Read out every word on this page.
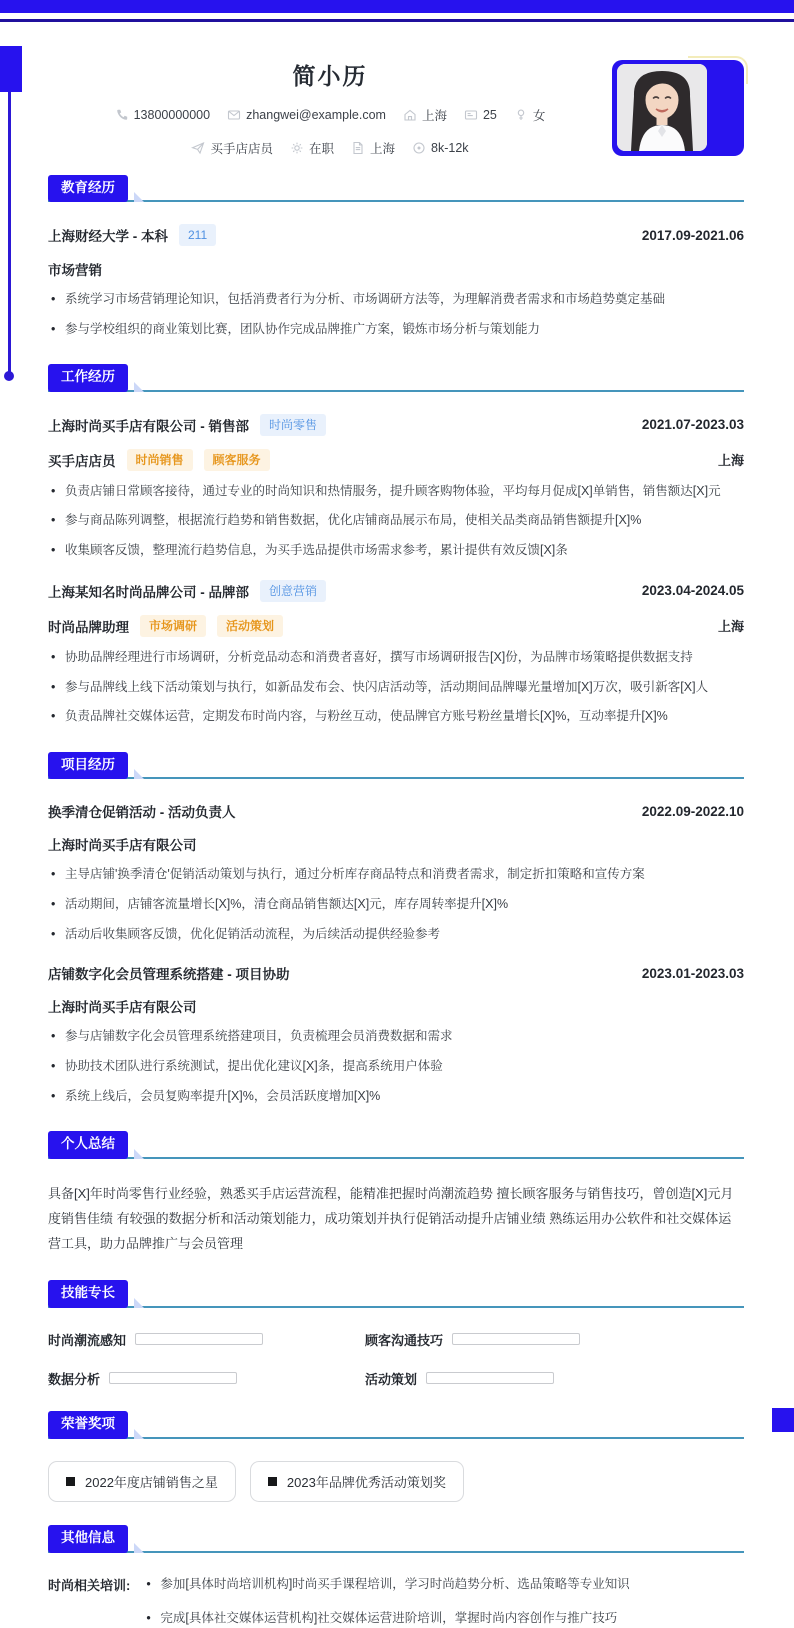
简小历
13800000000	zhangwei@example.com	上海	25	女
买手店店员	在职	上海	8k-12k
教育经历
上海财经大学 - 本科	211	2017.09-2021.06
市场营销
• 系统学习市场营销理论知识，包括消费者行为分析、市场调研方法等，为理解消费者需求和市场趋势奠定基础
• 参与学校组织的商业策划比赛，团队协作完成品牌推广方案，锻炼市场分析与策划能力
工作经历
上海时尚买手店有限公司 - 销售部	时尚零售	2021.07-2023.03
买手店店员	时尚销售	顾客服务	上海
• 负责店铺日常顾客接待，通过专业的时尚知识和热情服务，提升顾客购物体验，平均每月促成[X]单销售，销售额达[X]元
• 参与商品陈列调整，根据流行趋势和销售数据，优化店铺商品展示布局，使相关品类商品销售额提升[X]%
• 收集顾客反馈，整理流行趋势信息，为买手选品提供市场需求参考，累计提供有效反馈[X]条
上海某知名时尚品牌公司 - 品牌部	创意营销	2023.04-2024.05
时尚品牌助理	市场调研	活动策划	上海
• 协助品牌经理进行市场调研，分析竞品动态和消费者喜好，撰写市场调研报告[X]份，为品牌市场策略提供数据支持
• 参与品牌线上线下活动策划与执行，如新品发布会、快闪店活动等，活动期间品牌曝光量增加[X]万次，吸引新客[X]人
• 负责品牌社交媒体运营，定期发布时尚内容，与粉丝互动，使品牌官方账号粉丝量增长[X]%，互动率提升[X]%
项目经历
换季清仓促销活动 - 活动负责人	2022.09-2022.10
上海时尚买手店有限公司
• 主导店铺'换季清仓'促销活动策划与执行，通过分析库存商品特点和消费者需求，制定折扣策略和宣传方案
• 活动期间，店铺客流量增长[X]%，清仓商品销售额达[X]元，库存周转率提升[X]%
• 活动后收集顾客反馈，优化促销活动流程，为后续活动提供经验参考
店铺数字化会员管理系统搭建 - 项目协助	2023.01-2023.03
上海时尚买手店有限公司
• 参与店铺数字化会员管理系统搭建项目，负责梳理会员消费数据和需求
• 协助技术团队进行系统测试，提出优化建议[X]条，提高系统用户体验
• 系统上线后，会员复购率提升[X]%，会员活跃度增加[X]%
个人总结

具备[X]年时尚零售行业经验，熟悉买手店运营流程，能精准把握时尚潮流趋势 擅长顾客服务与销售技巧，曾创造[X]元月度销售佳绩 有较强的数据分析和活动策划能力，成功策划并执行促销活动提升店铺业绩 熟练运用办公软件和社交媒体运营工具，助力品牌推广与会员管理

技能专长
时尚潮流感知	顾客沟通技巧
数据分析	活动策划
荣誉奖项
2022年度店铺销售之星	2023年品牌优秀活动策划奖
其他信息
时尚相关培训:	• 参加[具体时尚培训机构]时尚买手课程培训，学习时尚趋势分析、选品策略等专业知识
• 完成[具体社交媒体运营机构]社交媒体运营进阶培训，掌握时尚内容创作与推广技巧
